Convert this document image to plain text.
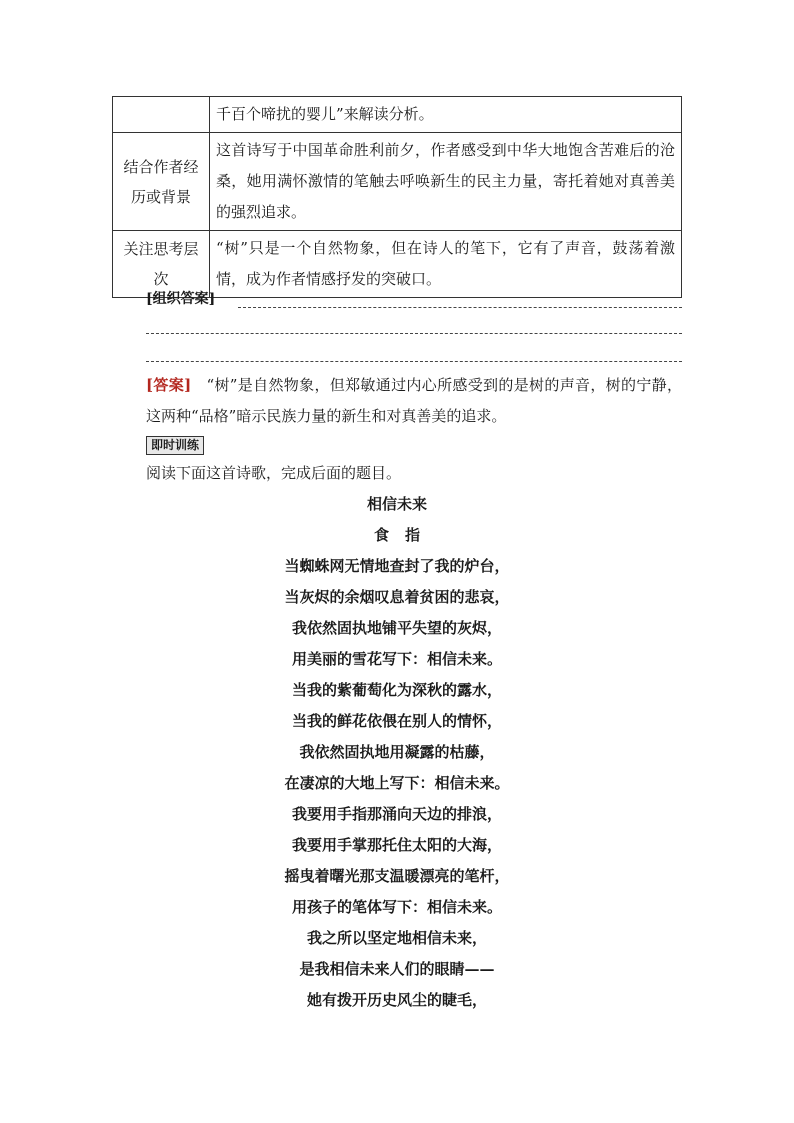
	千百个啼扰的婴儿”来解读分析。
结合作者经历或背景	这首诗写于中国革命胜利前夕，作者感受到中华大地饱含苦难后的沧桑，她用满怀激情的笔触去呼唤新生的民主力量，寄托着她对真善美的强烈追求。
关注思考层次	“树”只是一个自然物象，但在诗人的笔下，它有了声音，鼓荡着激情，成为作者情感抒发的突破口。
[组织答案]
[答案] “树”是自然物象，但郑敏通过内心所感受到的是树的声音，树的宁静，这两种“品格”暗示民族力量的新生和对真善美的追求。
即时训练
阅读下面这首诗歌，完成后面的题目。
相信未来
食指
当蜘蛛网无情地查封了我的炉台，
当灰烬的余烟叹息着贫困的悲哀，
我依然固执地铺平失望的灰烬，
用美丽的雪花写下：相信未来。
当我的紫葡萄化为深秋的露水，
当我的鲜花依偎在别人的情怀，
我依然固执地用凝露的枯藤，
在凄凉的大地上写下：相信未来。
我要用手指那涌向天边的排浪，
我要用手掌那托住太阳的大海，
摇曳着曙光那支温暖漂亮的笔杆，
用孩子的笔体写下：相信未来。
我之所以坚定地相信未来，
是我相信未来人们的眼睛——
她有拨开历史风尘的睫毛，
